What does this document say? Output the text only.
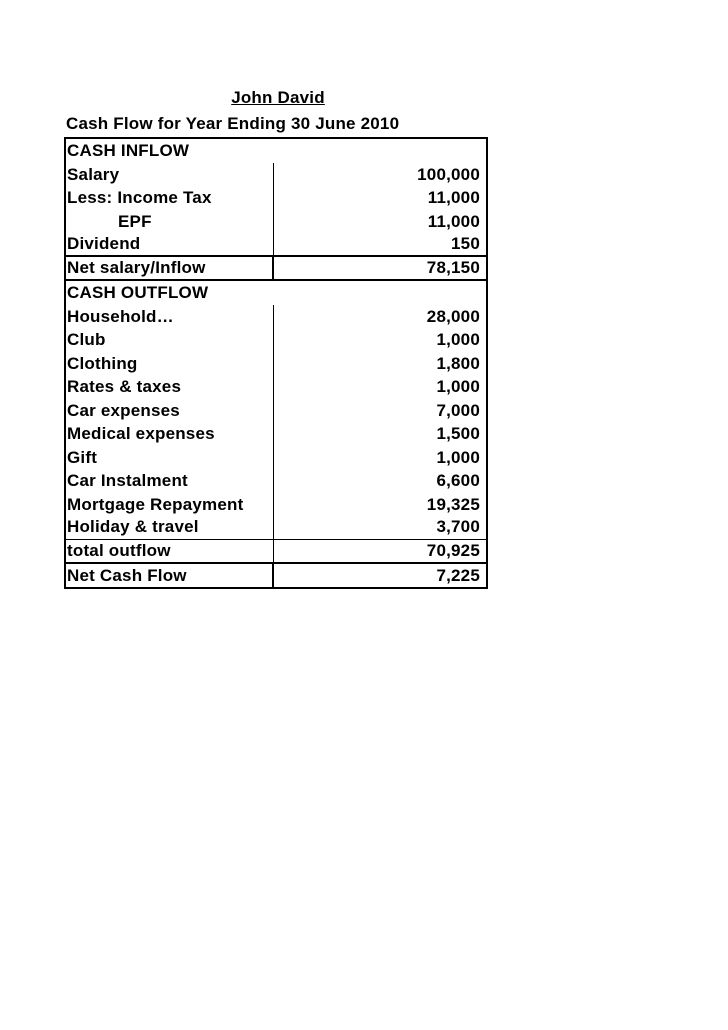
John David
Cash Flow for Year Ending 30 June 2010
CASH INFLOW
Salary	100,000
Less: Income Tax	11,000
EPF	11,000
Dividend	150
Net salary/Inflow	78,150
CASH OUTFLOW
Household…	28,000
Club	1,000
Clothing	1,800
Rates & taxes	1,000
Car expenses	7,000
Medical expenses	1,500
Gift	1,000
Car Instalment	6,600
Mortgage Repayment	19,325
Holiday & travel	3,700
total outflow	70,925
Net Cash Flow	7,225
